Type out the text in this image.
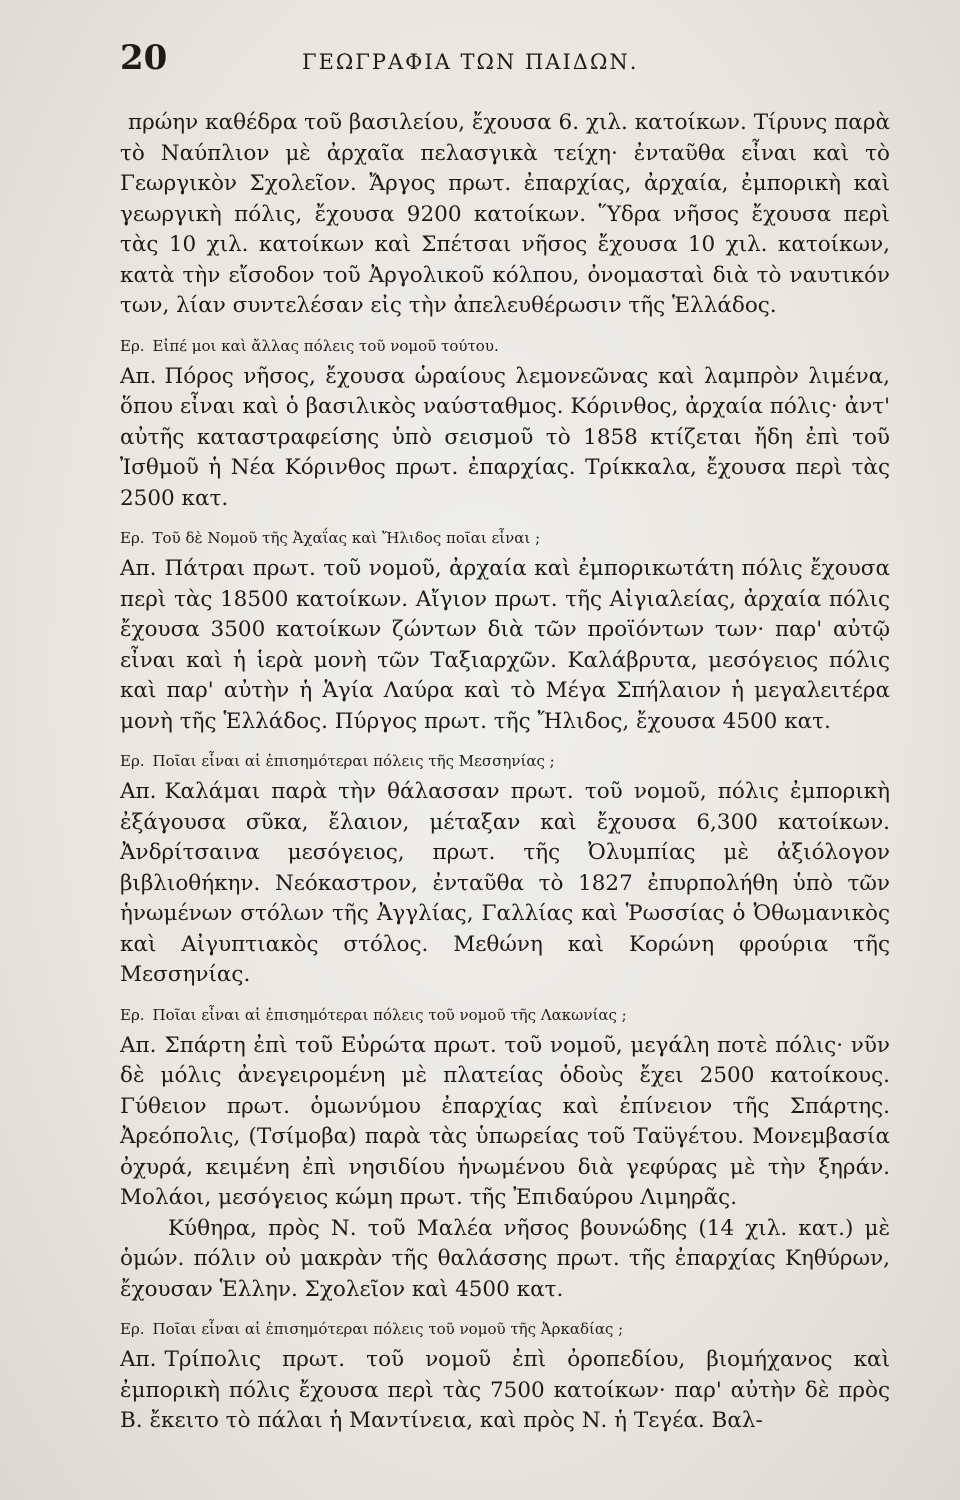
20	ΓΕΩΓΡΑΦΙΑ ΤΩΝ ΠΑΙΔΩΝ.

πρώην καθέδρα τοῦ βασιλείου, ἔχουσα 6. χιλ. κατοίκων. Τίρυνς παρὰ τὸ Ναύπλιον μὲ ἀρχαῖα πελασγικὰ τείχη· ἐνταῦθα εἶναι καὶ τὸ Γεωργικὸν Σχολεῖον. Ἄργος πρωτ. ἐπαρχίας, ἀρχαία, ἐμπορικὴ καὶ γεωργικὴ πόλις, ἔχουσα 9200 κατοίκων. Ὕδρα νῆσος ἔχουσα περὶ τὰς 10 χιλ. κατοίκων καὶ Σπέτσαι νῆσος ἔχουσα 10 χιλ. κατοίκων, κατὰ τὴν εἴσοδον τοῦ Ἀργολικοῦ κόλπου, ὀνομασταὶ διὰ τὸ ναυτικόν των, λίαν συντελέσαν εἰς τὴν ἀπελευθέρωσιν τῆς Ἑλλάδος.

Ερ. Εἰπέ μοι καὶ ἄλλας πόλεις τοῦ νομοῦ τούτου.

Απ. Πόρος νῆσος, ἔχουσα ὡραίους λεμονεῶνας καὶ λαμπρὸν λιμένα, ὅπου εἶναι καὶ ὁ βασιλικὸς ναύσταθμος. Κόρινθος, ἀρχαία πόλις· ἀντ' αὐτῆς καταστραφείσης ὑπὸ σεισμοῦ τὸ 1858 κτίζεται ἤδη ἐπὶ τοῦ Ἰσθμοῦ ἡ Νέα Κόρινθος πρωτ. ἐπαρχίας. Τρίκκαλα, ἔχουσα περὶ τὰς 2500 κατ.

Ερ. Τοῦ δὲ Νομοῦ τῆς Ἀχαΐας καὶ Ἤλιδος ποῖαι εἶναι ;

Απ. Πάτραι πρωτ. τοῦ νομοῦ, ἀρχαία καὶ ἐμπορικωτάτη πόλις ἔχουσα περὶ τὰς 18500 κατοίκων. Αἴγιον πρωτ. τῆς Αἰγιαλείας, ἀρχαία πόλις ἔχουσα 3500 κατοίκων ζώντων διὰ τῶν προϊόντων των· παρ' αὐτῷ εἶναι καὶ ἡ ἱερὰ μονὴ τῶν Ταξιαρχῶν. Καλάβρυτα, μεσόγειος πόλις καὶ παρ' αὐτὴν ἡ Ἁγία Λαύρα καὶ τὸ Μέγα Σπήλαιον ἡ μεγαλειτέρα μονὴ τῆς Ἑλλάδος. Πύργος πρωτ. τῆς Ἤλιδος, ἔχουσα 4500 κατ.

Ερ. Ποῖαι εἶναι αἱ ἐπισημότεραι πόλεις τῆς Μεσσηνίας ;

Απ. Καλάμαι παρὰ τὴν θάλασσαν πρωτ. τοῦ νομοῦ, πόλις ἐμπορικὴ ἐξάγουσα σῦκα, ἔλαιον, μέταξαν καὶ ἔχουσα 6,300 κατοίκων. Ἀνδρίτσαινα μεσόγειος, πρωτ. τῆς Ὀλυμπίας μὲ ἀξιόλογον βιβλιοθήκην. Νεόκαστρον, ἐνταῦθα τὸ 1827 ἐπυρπολήθη ὑπὸ τῶν ἡνωμένων στόλων τῆς Ἀγγλίας, Γαλλίας καὶ Ῥωσσίας ὁ Ὀθωμανικὸς καὶ Αἰγυπτιακὸς στόλος. Μεθώνη καὶ Κορώνη φρούρια τῆς Μεσσηνίας.

Ερ. Ποῖαι εἶναι αἱ ἐπισημότεραι πόλεις τοῦ νομοῦ τῆς Λακωνίας ;

Απ. Σπάρτη ἐπὶ τοῦ Εὐρώτα πρωτ. τοῦ νομοῦ, μεγάλη ποτὲ πόλις· νῦν δὲ μόλις ἀνεγειρομένη μὲ πλατείας ὁδοὺς ἔχει 2500 κατοίκους. Γύθειον πρωτ. ὁμωνύμου ἐπαρχίας καὶ ἐπίνειον τῆς Σπάρτης. Ἀρεόπολις, (Τσίμοβα) παρὰ τὰς ὑπωρείας τοῦ Ταϋγέτου. Μονεμβασία ὀχυρά, κειμένη ἐπὶ νησιδίου ἡνωμένου διὰ γεφύρας μὲ τὴν ξηράν. Μολάοι, μεσόγειος κώμη πρωτ. τῆς Ἐπιδαύρου Λιμηρᾶς.

Κύθηρα, πρὸς Ν. τοῦ Μαλέα νῆσος βουνώδης (14 χιλ. κατ.) μὲ ὁμών. πόλιν οὐ μακρὰν τῆς θαλάσσης πρωτ. τῆς ἐπαρχίας Κηθύρων, ἔχουσαν Ἑλλην. Σχολεῖον καὶ 4500 κατ.

Ερ. Ποῖαι εἶναι αἱ ἐπισημότεραι πόλεις τοῦ νομοῦ τῆς Ἀρκαδίας ;

Απ. Τρίπολις πρωτ. τοῦ νομοῦ ἐπὶ ὀροπεδίου, βιομήχανος καὶ ἐμπορικὴ πόλις ἔχουσα περὶ τὰς 7500 κατοίκων· παρ' αὐτὴν δὲ πρὸς Β. ἔκειτο τὸ πάλαι ἡ Μαντίνεια, καὶ πρὸς Ν. ἡ Τεγέα. Βαλ-
